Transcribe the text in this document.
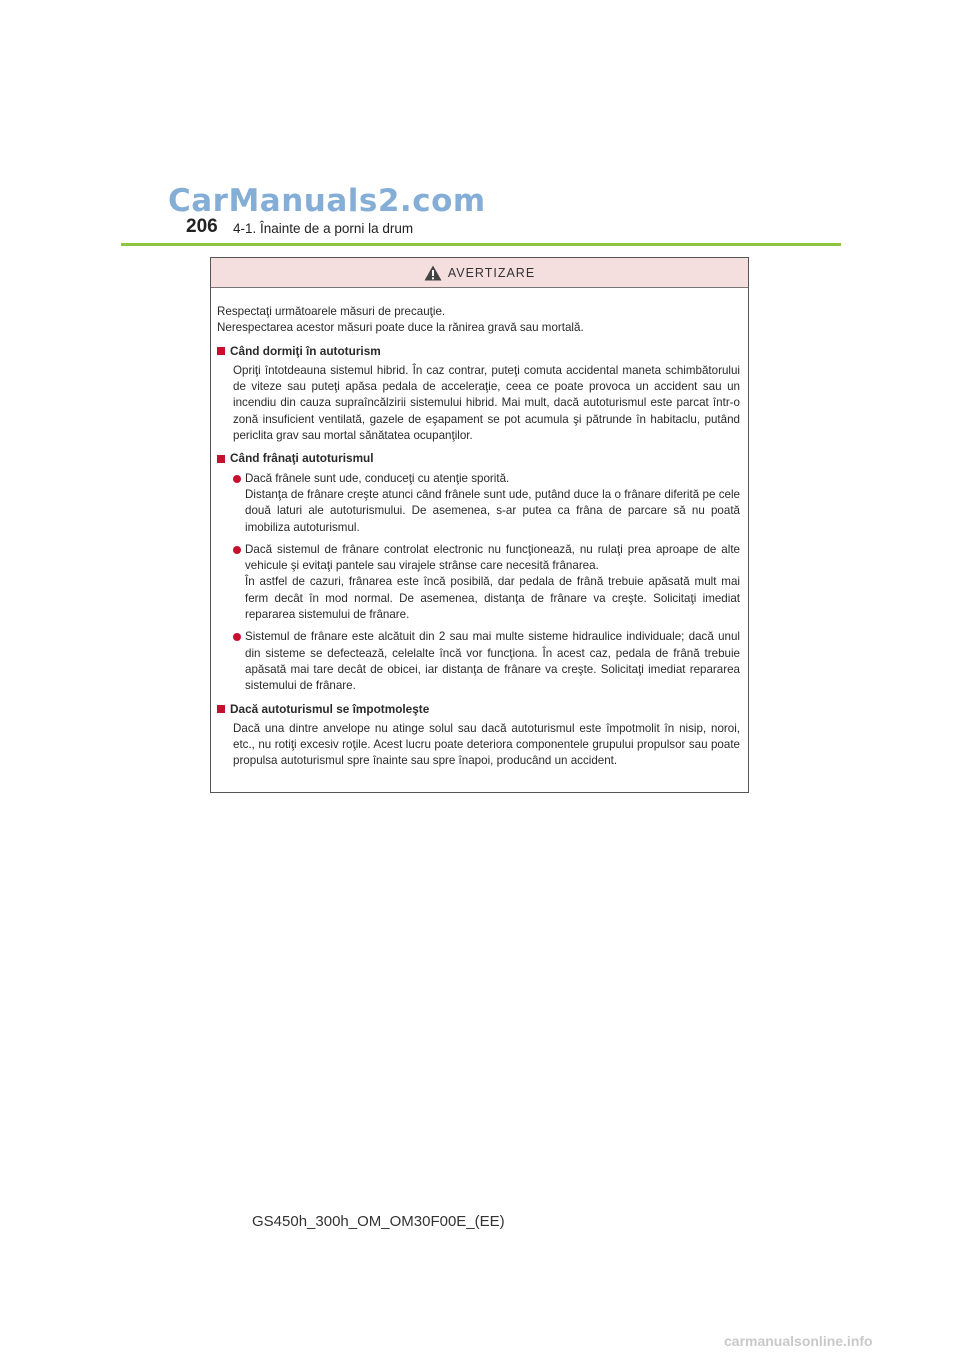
CarManuals2.com
206 4-1. Înainte de a porni la drum
AVERTIZARE

Respectaţi următoarele măsuri de precauţie.

Nerespectarea acestor măsuri poate duce la rănirea gravă sau mortală.

Când dormiţi în autoturism

Opriţi întotdeauna sistemul hibrid. În caz contrar, puteţi comuta accidental maneta schimbătorului de viteze sau puteţi apăsa pedala de acceleraţie, ceea ce poate provoca un accident sau un incendiu din cauza supraîncălzirii sistemului hibrid. Mai mult, dacă autoturismul este parcat într-o zonă insuficient ventilată, gazele de eşapament se pot acumula şi pătrunde în habitaclu, putând periclita grav sau mortal sănătatea ocupanţilor.

Când frânaţi autoturismul

Dacă frânele sunt ude, conduceţi cu atenţie sporită.

Distanţa de frânare creşte atunci când frânele sunt ude, putând duce la o frânare diferită pe cele două laturi ale autoturismului. De asemenea, s-ar putea ca frâna de parcare să nu poată imobiliza autoturismul.

Dacă sistemul de frânare controlat electronic nu funcţionează, nu rulaţi prea aproape de alte vehicule şi evitaţi pantele sau virajele strânse care necesită frânarea.

În astfel de cazuri, frânarea este încă posibilă, dar pedala de frână trebuie apăsată mult mai ferm decât în mod normal. De asemenea, distanţa de frânare va creşte. Solicitaţi imediat repararea sistemului de frânare.

Sistemul de frânare este alcătuit din 2 sau mai multe sisteme hidraulice individuale; dacă unul din sisteme se defectează, celelalte încă vor funcţiona. În acest caz, pedala de frână trebuie apăsată mai tare decât de obicei, iar distanţa de frânare va creşte. Solicitaţi imediat repararea sistemului de frânare.

Dacă autoturismul se împotmoleşte

Dacă una dintre anvelope nu atinge solul sau dacă autoturismul este împotmolit în nisip, noroi, etc., nu rotiţi excesiv roţile. Acest lucru poate deteriora componentele grupului propulsor sau poate propulsa autoturismul spre înainte sau spre înapoi, producând un accident.

GS450h_300h_OM_OM30F00E_(EE)
carmanualsonline.info
